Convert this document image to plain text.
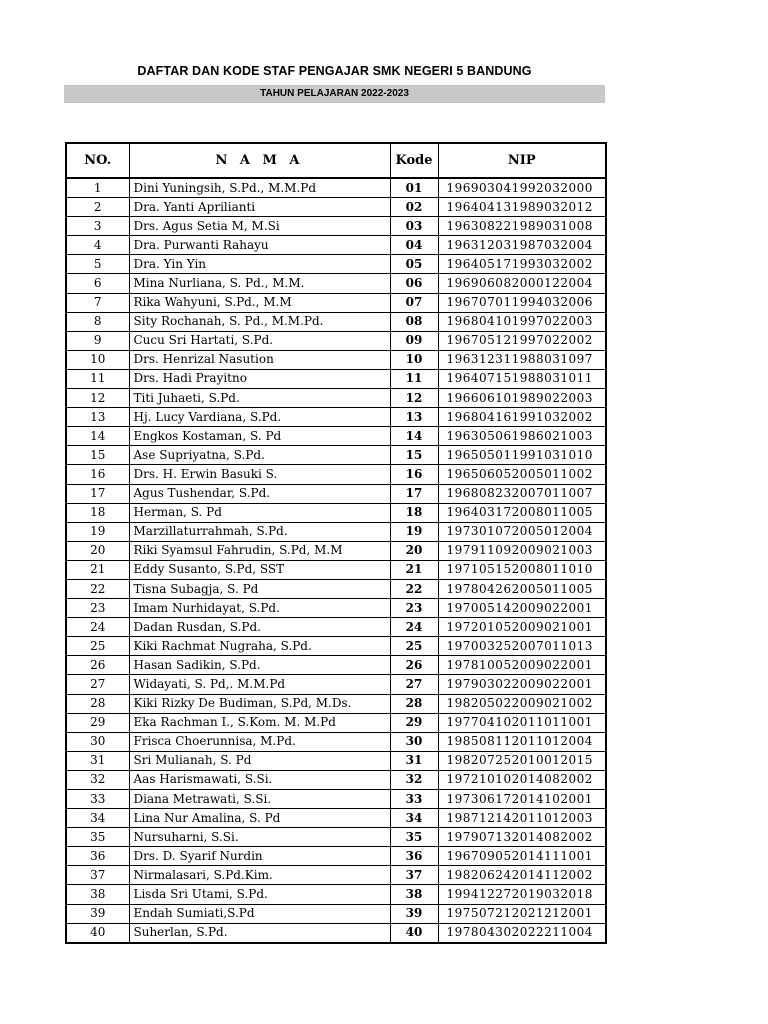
DAFTAR DAN KODE STAF PENGAJAR SMK NEGERI 5 BANDUNG
TAHUN PELAJARAN 2022-2023
NO.	N A M A	Kode	NIP
1	Dini Yuningsih, S.Pd., M.M.Pd	01	196903041992032000
2	Dra. Yanti Aprilianti	02	196404131989032012
3	Drs. Agus Setia M, M.Si	03	196308221989031008
4	Dra. Purwanti Rahayu	04	196312031987032004
5	Dra. Yin Yin	05	196405171993032002
6	Mina Nurliana, S. Pd., M.M.	06	196906082000122004
7	Rika Wahyuni, S.Pd., M.M	07	196707011994032006
8	Sity Rochanah, S. Pd., M.M.Pd.	08	196804101997022003
9	Cucu Sri Hartati, S.Pd.	09	196705121997022002
10	Drs. Henrizal Nasution	10	196312311988031097
11	Drs. Hadi Prayitno	11	196407151988031011
12	Titi Juhaeti, S.Pd.	12	196606101989022003
13	Hj. Lucy Vardiana, S.Pd.	13	196804161991032002
14	Engkos Kostaman, S. Pd	14	196305061986021003
15	Ase Supriyatna, S.Pd.	15	196505011991031010
16	Drs. H. Erwin Basuki S.	16	196506052005011002
17	Agus Tushendar, S.Pd.	17	196808232007011007
18	Herman, S. Pd	18	196403172008011005
19	Marzillaturrahmah, S.Pd.	19	197301072005012004
20	Riki Syamsul Fahrudin, S.Pd, M.M	20	197911092009021003
21	Eddy Susanto, S.Pd, SST	21	197105152008011010
22	Tisna Subagja, S. Pd	22	197804262005011005
23	Imam Nurhidayat, S.Pd.	23	197005142009022001
24	Dadan Rusdan, S.Pd.	24	197201052009021001
25	Kiki Rachmat Nugraha, S.Pd.	25	197003252007011013
26	Hasan Sadikin, S.Pd.	26	197810052009022001
27	Widayati, S. Pd,. M.M.Pd	27	197903022009022001
28	Kiki Rizky De Budiman, S.Pd, M.Ds.	28	198205022009021002
29	Eka Rachman I., S.Kom. M. M.Pd	29	197704102011011001
30	Frisca Choerunnisa, M.Pd.	30	198508112011012004
31	Sri Mulianah, S. Pd	31	198207252010012015
32	Aas Harismawati, S.Si.	32	197210102014082002
33	Diana Metrawati, S.Si.	33	197306172014102001
34	Lina Nur Amalina, S. Pd	34	198712142011012003
35	Nursuharni, S.Si.	35	197907132014082002
36	Drs. D. Syarif Nurdin	36	196709052014111001
37	Nirmalasari, S.Pd.Kim.	37	198206242014112002
38	Lisda Sri Utami, S.Pd.	38	199412272019032018
39	Endah Sumiati,S.Pd	39	197507212021212001
40	Suherlan, S.Pd.	40	197804302022211004
